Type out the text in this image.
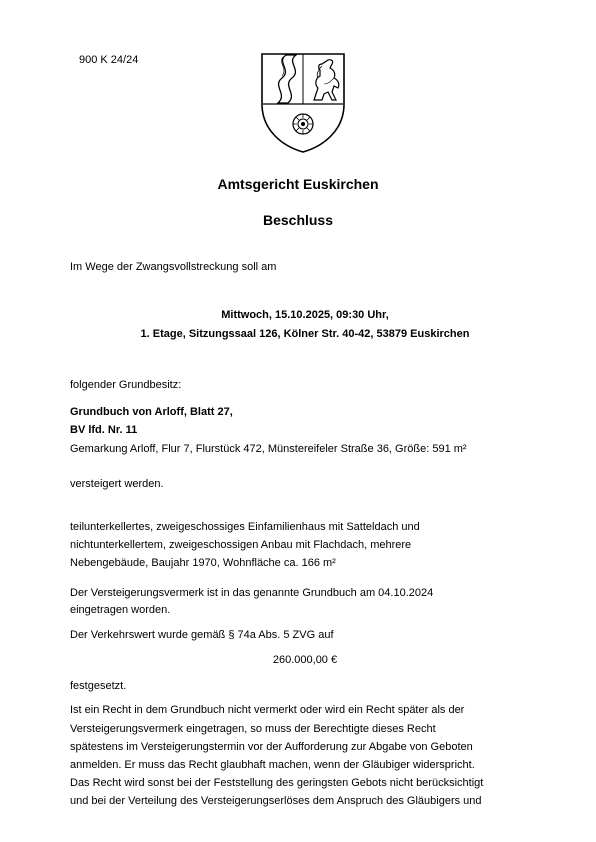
900 K 24/24

Amtsgericht Euskirchen

Beschluss

Im Wege der Zwangsvollstreckung soll am

Mittwoch, 15.10.2025, 09:30 Uhr,

1. Etage, Sitzungssaal 126, Kölner Str. 40-42, 53879 Euskirchen

folgender Grundbesitz:

Grundbuch von Arloff, Blatt 27,

BV lfd. Nr. 11

Gemarkung Arloff, Flur 7, Flurstück 472, Münstereifeler Straße 36, Größe: 591 m²

versteigert werden.

teilunterkellertes, zweigeschossiges Einfamilienhaus mit Satteldach und

nichtunterkellertem, zweigeschossigen Anbau mit Flachdach, mehrere

Nebengebäude, Baujahr 1970, Wohnfläche ca. 166 m²

Der Versteigerungsvermerk ist in das genannte Grundbuch am 04.10.2024

eingetragen worden.

Der Verkehrswert wurde gemäß § 74a Abs. 5 ZVG auf

260.000,00 €

festgesetzt.

Ist ein Recht in dem Grundbuch nicht vermerkt oder wird ein Recht später als der

Versteigerungsvermerk eingetragen, so muss der Berechtigte dieses Recht

spätestens im Versteigerungstermin vor der Aufforderung zur Abgabe von Geboten

anmelden. Er muss das Recht glaubhaft machen, wenn der Gläubiger widerspricht.

Das Recht wird sonst bei der Feststellung des geringsten Gebots nicht berücksichtigt

und bei der Verteilung des Versteigerungserlöses dem Anspruch des Gläubigers und
